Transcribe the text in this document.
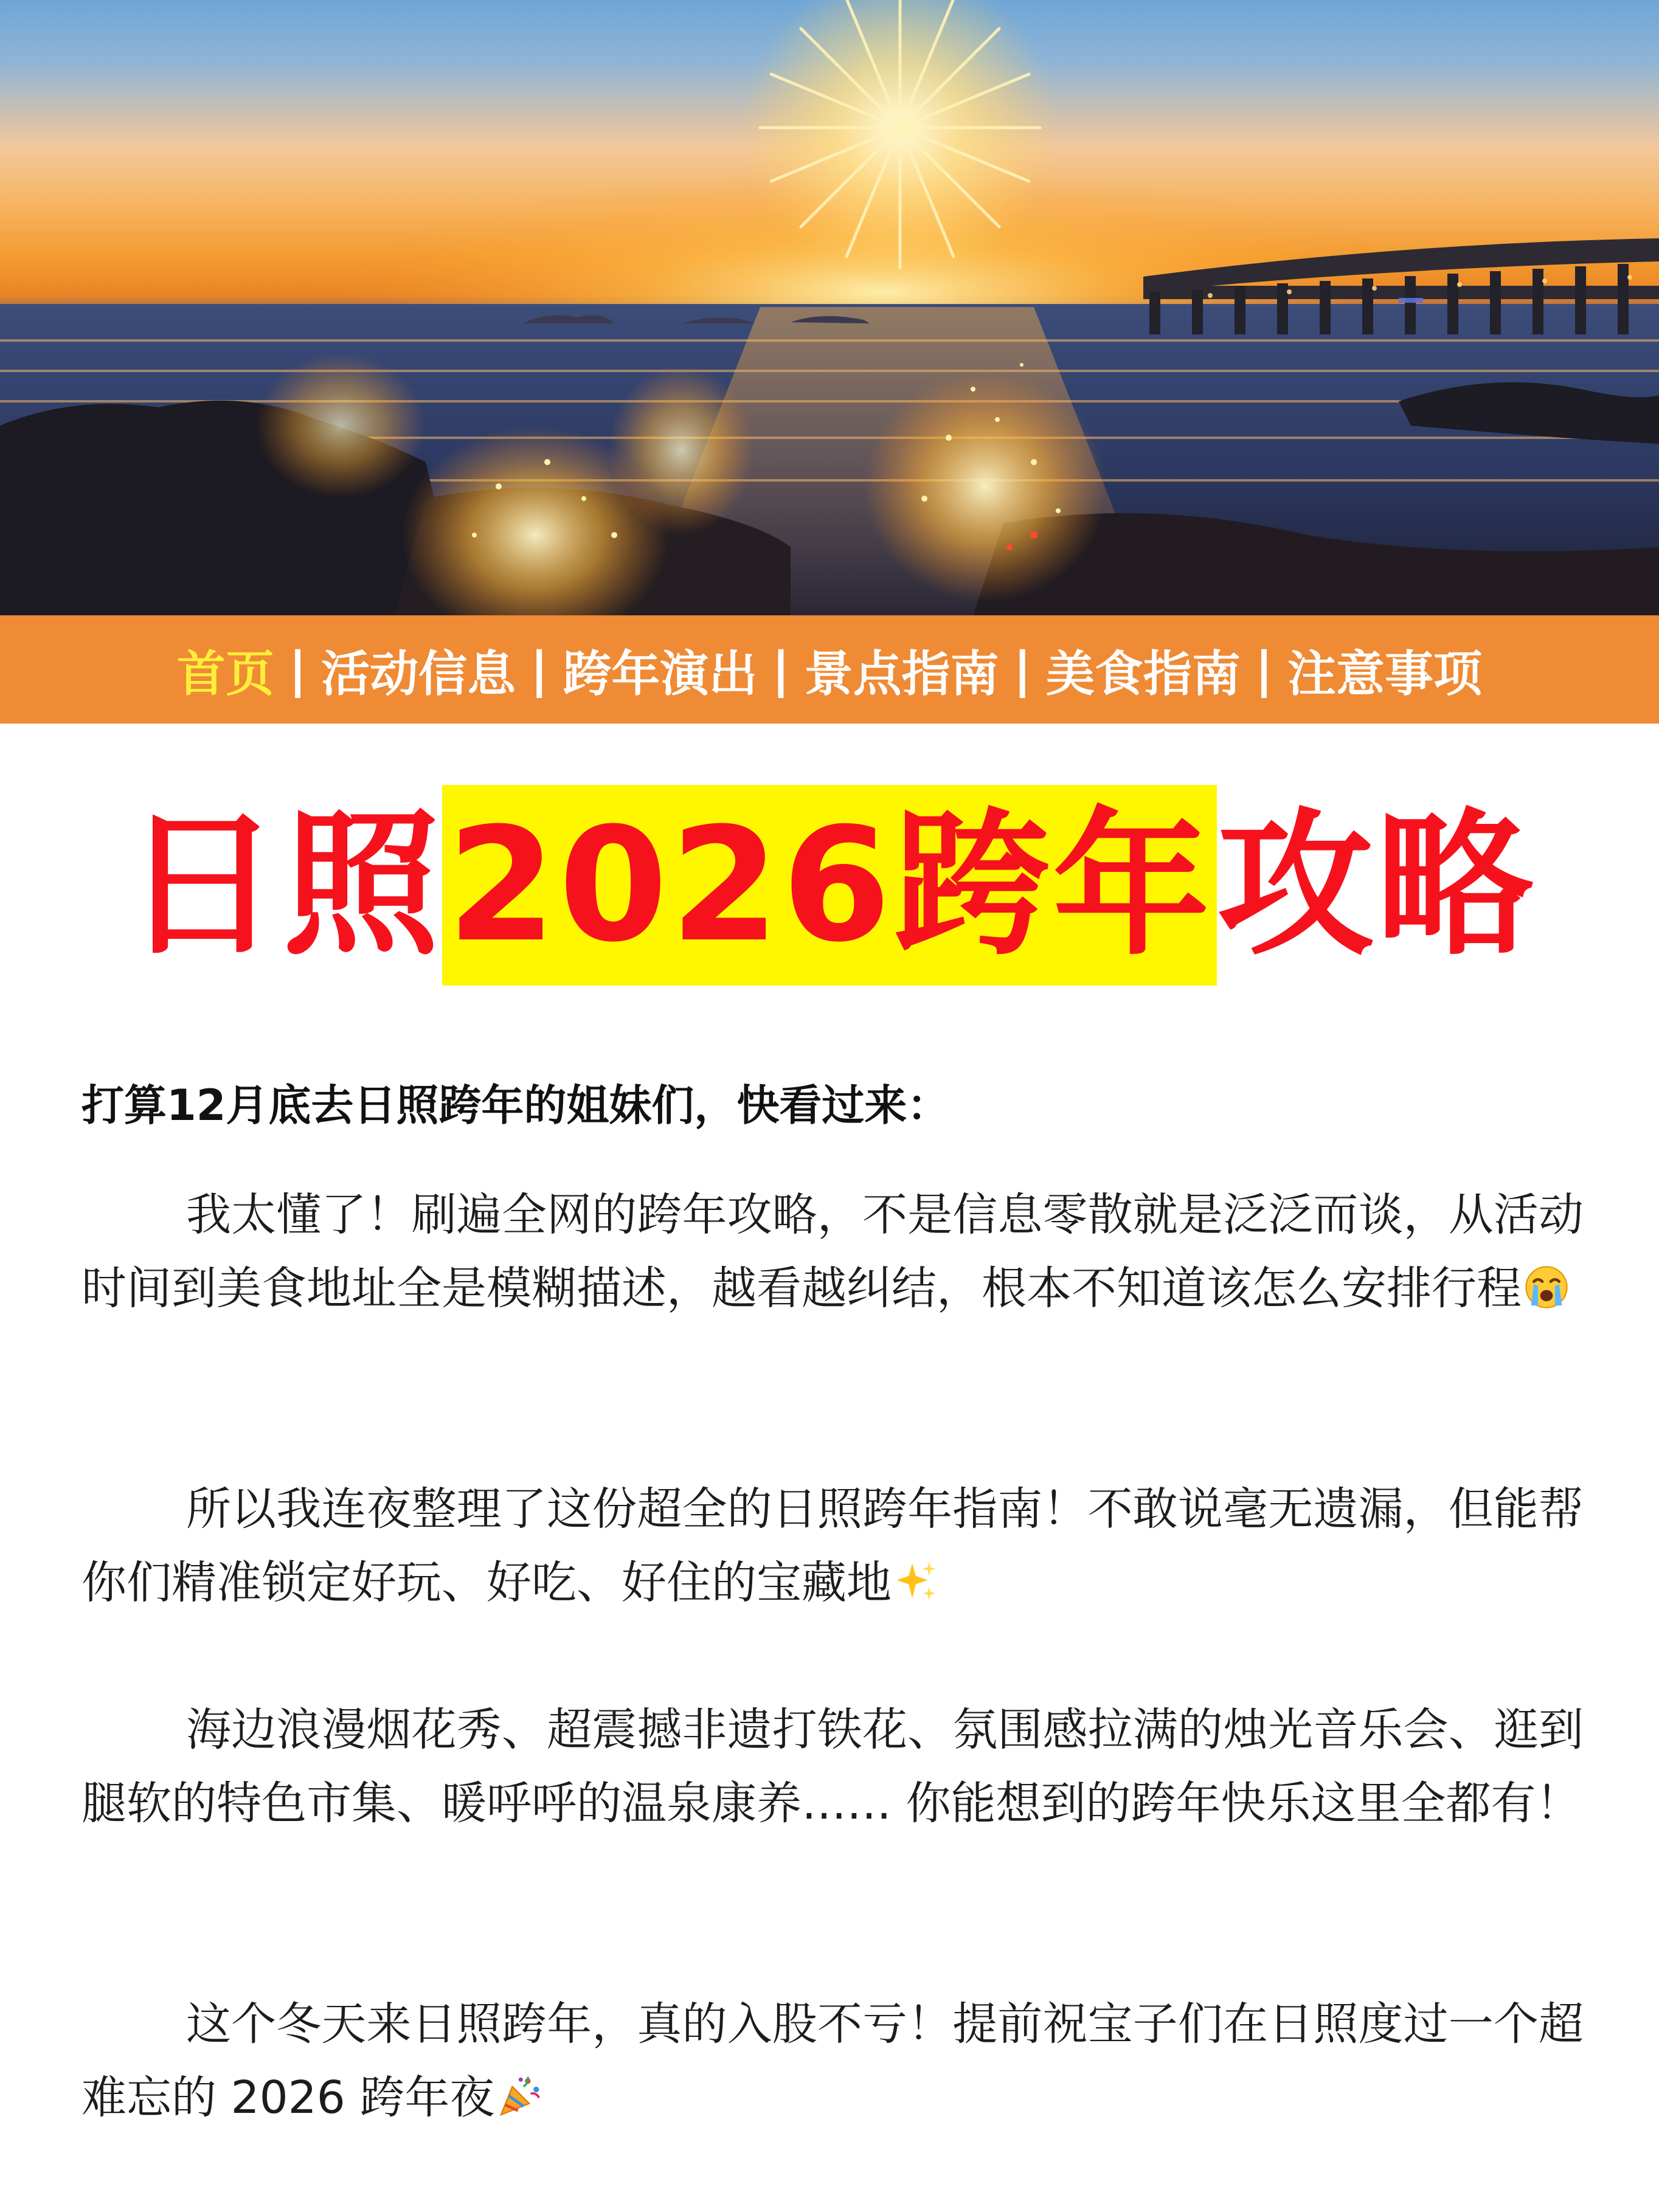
首页 | 活动信息 | 跨年演出 | 景点指南 | 美食指南 | 注意事项
日照 2026跨年 攻略
打算12月底去日照跨年的姐妹们，快看过来：

我太懂了！刷遍全网的跨年攻略，不是信息零散就是泛泛而谈，从活动时间到美食地址全是模糊描述，越看越纠结，根本不知道该怎么安排行程

所以我连夜整理了这份超全的日照跨年指南！不敢说毫无遗漏，但能帮你们精准锁定好玩、好吃、好住的宝藏地

海边浪漫烟花秀、超震撼非遗打铁花、氛围感拉满的烛光音乐会、逛到腿软的特色市集、暖呼呼的温泉康养…… 你能想到的跨年快乐这里全都有！

这个冬天来日照跨年，真的入股不亏！提前祝宝子们在日照度过一个超难忘的 2026 跨年夜
